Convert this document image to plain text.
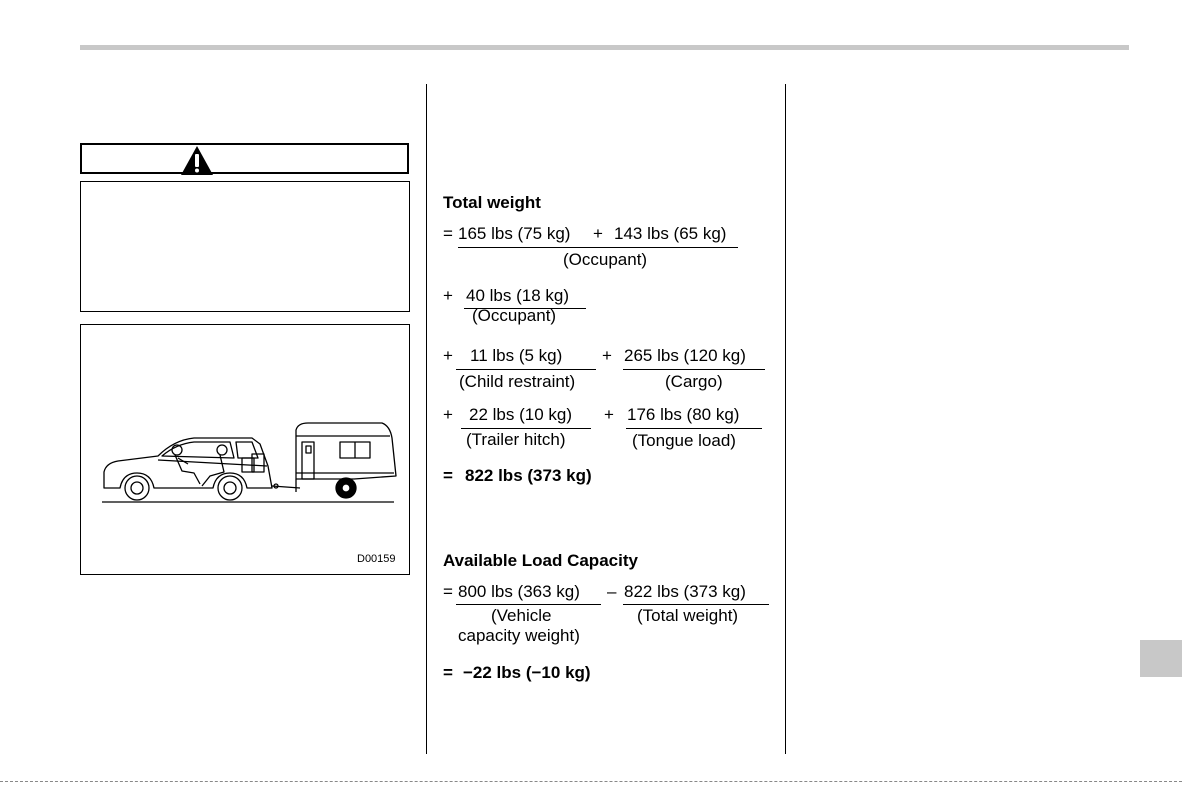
D00159
Total weight
= 165 lbs (75 kg) + 143 lbs (65 kg)
(Occupant)
+ 40 lbs (18 kg)
(Occupant)
+ 11 lbs (5 kg) + 265 lbs (120 kg)
(Child restraint)	(Cargo)
+ 22 lbs (10 kg) + 176 lbs (80 kg)
(Trailer hitch)	(Tongue load)
= 822 lbs (373 kg)
Available Load Capacity
= 800 lbs (363 kg) – 822 lbs (373 kg)
(Vehicle	(Total weight)
capacity weight)
= −22 lbs (−10 kg)
